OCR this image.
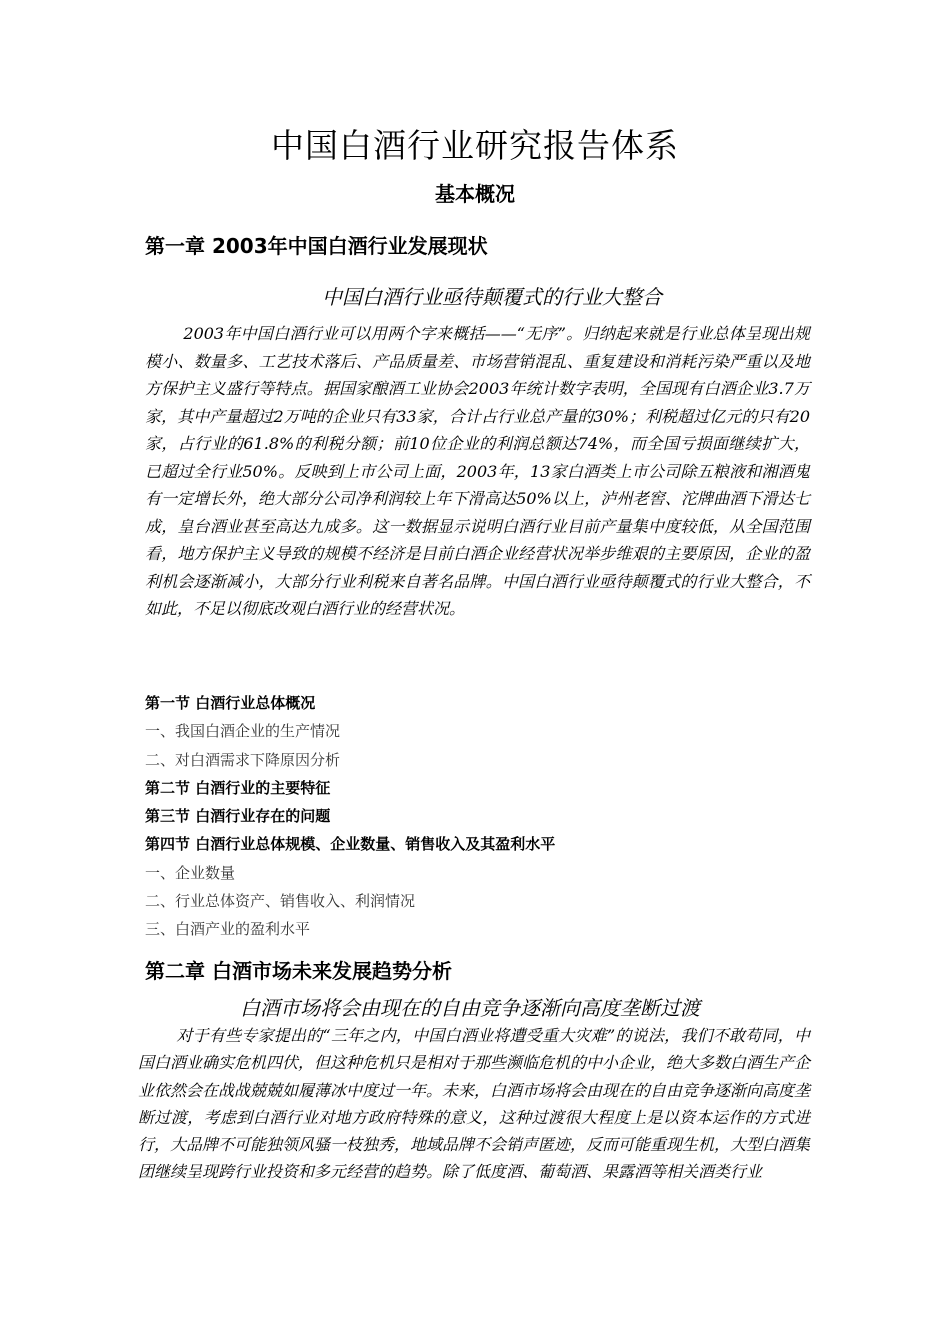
中国白酒行业研究报告体系
基本概况
第一章 2003年中国白酒行业发展现状
中国白酒行业亟待颠覆式的行业大整合
2003年中国白酒行业可以用两个字来概括——“无序”。归纳起来就是行业总体呈现出规模小、数量多、工艺技术落后、产品质量差、市场营销混乱、重复建设和消耗污染严重以及地方保护主义盛行等特点。据国家酿酒工业协会2003年统计数字表明，全国现有白酒企业3.7万家，其中产量超过2万吨的企业只有33家，合计占行业总产量的30%；利税超过亿元的只有20家，占行业的61.8%的利税分额；前10位企业的利润总额达74%，而全国亏损面继续扩大，已超过全行业50%。反映到上市公司上面，2003年，13家白酒类上市公司除五粮液和湘酒鬼有一定增长外，绝大部分公司净利润较上年下滑高达50%以上，泸州老窖、沱牌曲酒下滑达七成，皇台酒业甚至高达九成多。这一数据显示说明白酒行业目前产量集中度较低，从全国范围看，地方保护主义导致的规模不经济是目前白酒企业经营状况举步维艰的主要原因，企业的盈利机会逐渐减小，大部分行业利税来自著名品牌。中国白酒行业亟待颠覆式的行业大整合，不如此，不足以彻底改观白酒行业的经营状况。
第一节 白酒行业总体概况
一、我国白酒企业的生产情况
二、对白酒需求下降原因分析
第二节 白酒行业的主要特征
第三节 白酒行业存在的问题
第四节 白酒行业总体规模、企业数量、销售收入及其盈利水平
一、企业数量
二、行业总体资产、销售收入、利润情况
三、白酒产业的盈利水平
第二章 白酒市场未来发展趋势分析
白酒市场将会由现在的自由竞争逐渐向高度垄断过渡
对于有些专家提出的“三年之内，中国白酒业将遭受重大灾难”的说法，我们不敢苟同，中国白酒业确实危机四伏，但这种危机只是相对于那些濒临危机的中小企业，绝大多数白酒生产企业依然会在战战兢兢如履薄冰中度过一年。未来，白酒市场将会由现在的自由竞争逐渐向高度垄断过渡，考虑到白酒行业对地方政府特殊的意义，这种过渡很大程度上是以资本运作的方式进行，大品牌不可能独领风骚一枝独秀，地域品牌不会销声匿迹，反而可能重现生机，大型白酒集团继续呈现跨行业投资和多元经营的趋势。除了低度酒、葡萄酒、果露酒等相关酒类行业
